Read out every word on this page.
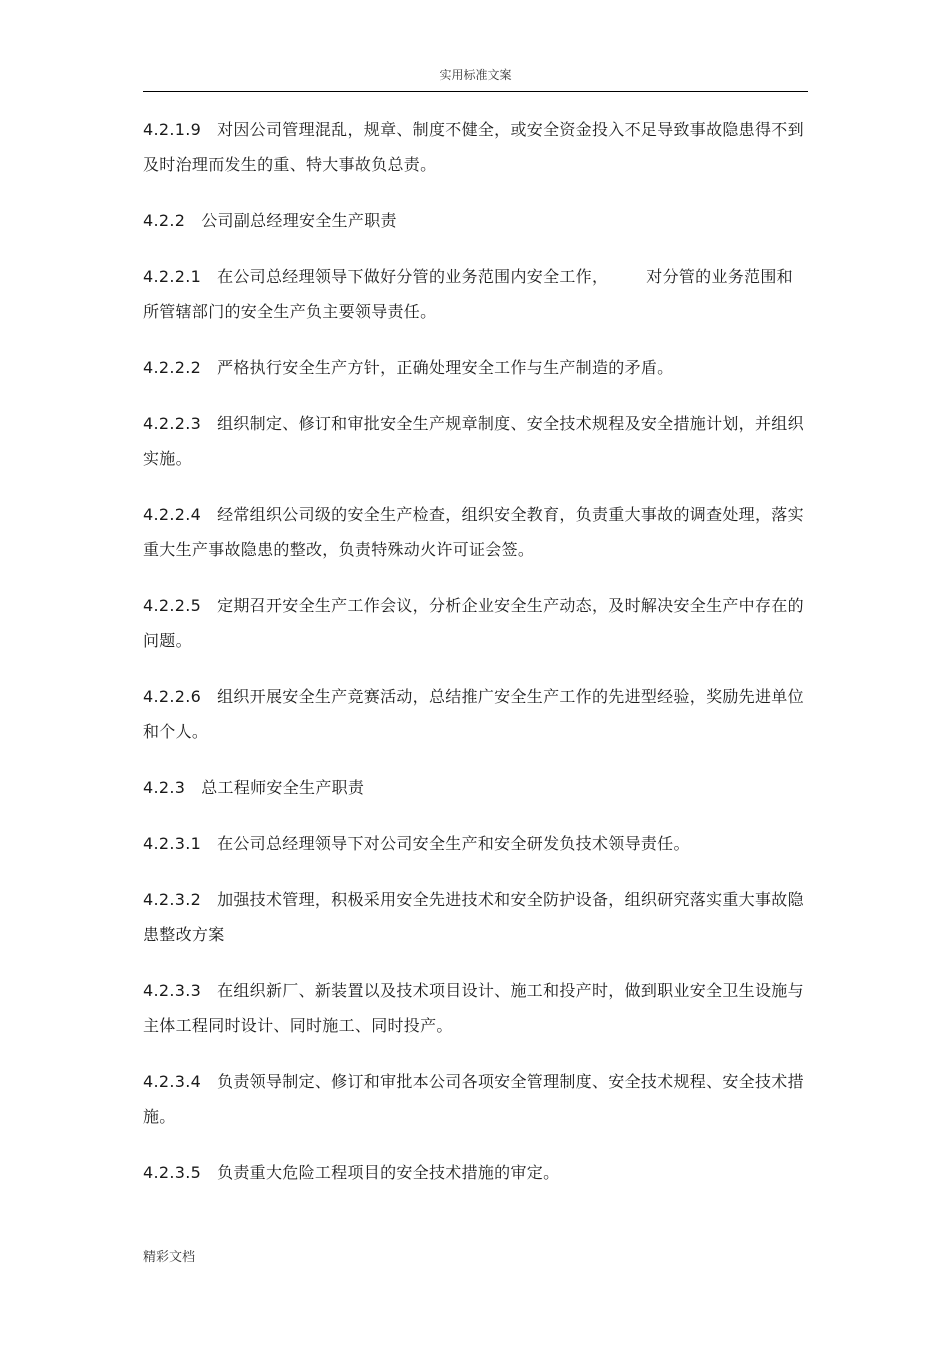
实用标准文案

4.2.1.9 对因公司管理混乱，规章、制度不健全，或安全资金投入不足导致事故隐患得不到及时治理而发生的重、特大事故负总责。

4.2.2 公司副总经理安全生产职责

4.2.2.1 在公司总经理领导下做好分管的业务范围内安全工作， 对分管的业务范围和所管辖部门的安全生产负主要领导责任。

4.2.2.2 严格执行安全生产方针，正确处理安全工作与生产制造的矛盾。

4.2.2.3 组织制定、修订和审批安全生产规章制度、安全技术规程及安全措施计划，并组织实施。

4.2.2.4 经常组织公司级的安全生产检查，组织安全教育，负责重大事故的调查处理，落实重大生产事故隐患的整改，负责特殊动火许可证会签。

4.2.2.5 定期召开安全生产工作会议，分析企业安全生产动态，及时解决安全生产中存在的问题。

4.2.2.6 组织开展安全生产竞赛活动，总结推广安全生产工作的先进型经验，奖励先进单位和个人。

4.2.3 总工程师安全生产职责

4.2.3.1 在公司总经理领导下对公司安全生产和安全研发负技术领导责任。

4.2.3.2 加强技术管理，积极采用安全先进技术和安全防护设备，组织研究落实重大事故隐患整改方案

4.2.3.3 在组织新厂、新装置以及技术项目设计、施工和投产时，做到职业安全卫生设施与主体工程同时设计、同时施工、同时投产。

4.2.3.4 负责领导制定、修订和审批本公司各项安全管理制度、安全技术规程、安全技术措施。

4.2.3.5 负责重大危险工程项目的安全技术措施的审定。

精彩文档
